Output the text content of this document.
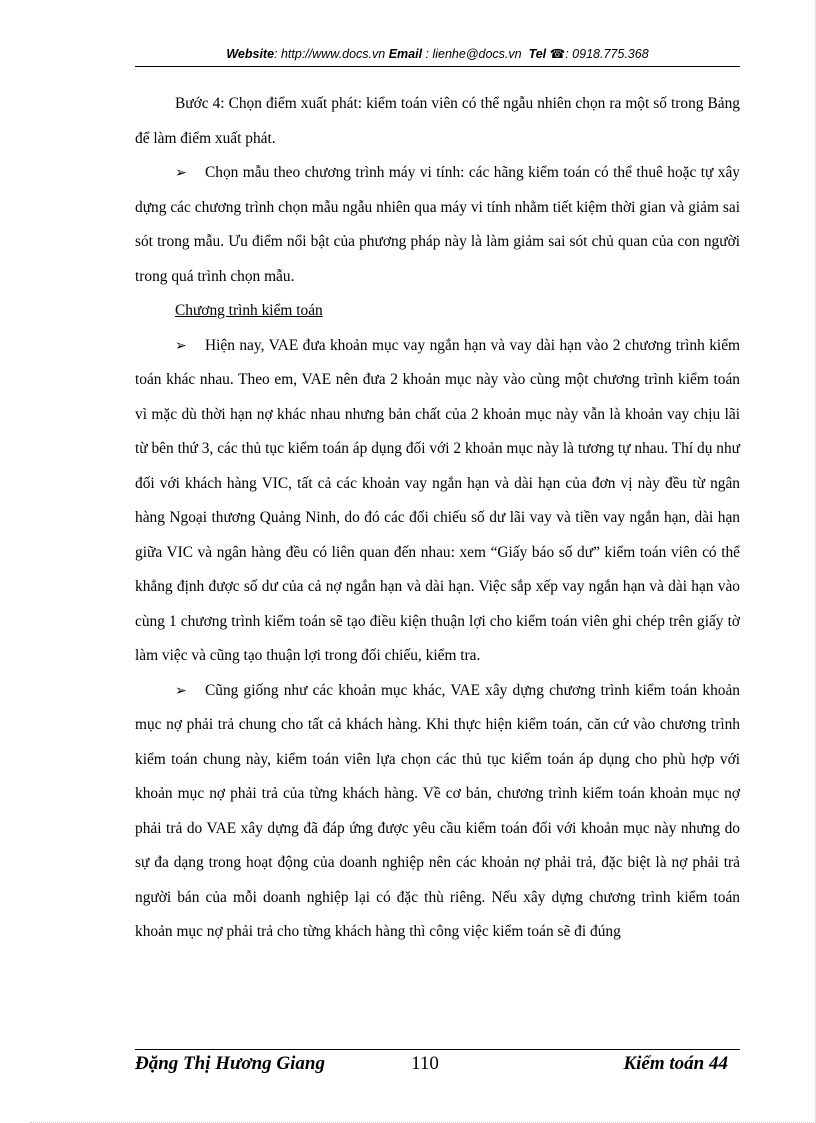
Website: http://www.docs.vn Email : lienhe@docs.vn Tel ☎: 0918.775.368

Bước 4: Chọn điểm xuất phát: kiểm toán viên có thể ngẫu nhiên chọn ra một số trong Bảng để làm điểm xuất phát.

➢ Chọn mẫu theo chương trình máy vi tính: các hãng kiểm toán có thể thuê hoặc tự xây dựng các chương trình chọn mẫu ngẫu nhiên qua máy vi tính nhằm tiết kiệm thời gian và giảm sai sót trong mẫu. Ưu điểm nổi bật của phương pháp này là làm giảm sai sót chủ quan của con người trong quá trình chọn mẫu.

Chương trình kiểm toán

➢ Hiện nay, VAE đưa khoản mục vay ngắn hạn và vay dài hạn vào 2 chương trình kiểm toán khác nhau. Theo em, VAE nên đưa 2 khoản mục này vào cùng một chương trình kiểm toán vì mặc dù thời hạn nợ khác nhau nhưng bản chất của 2 khoản mục này vẫn là khoản vay chịu lãi từ bên thứ 3, các thủ tục kiểm toán áp dụng đối với 2 khoản mục này là tương tự nhau. Thí dụ như đối với khách hàng VIC, tất cả các khoản vay ngắn hạn và dài hạn của đơn vị này đều từ ngân hàng Ngoại thương Quảng Ninh, do đó các đối chiếu số dư lãi vay và tiền vay ngắn hạn, dài hạn giữa VIC và ngân hàng đều có liên quan đến nhau: xem “Giấy báo số dư” kiểm toán viên có thể khẳng định được số dư của cả nợ ngắn hạn và dài hạn. Việc sắp xếp vay ngắn hạn và dài hạn vào cùng 1 chương trình kiểm toán sẽ tạo điều kiện thuận lợi cho kiểm toán viên ghi chép trên giấy tờ làm việc và cũng tạo thuận lợi trong đối chiếu, kiểm tra.

➢ Cũng giống như các khoản mục khác, VAE xây dựng chương trình kiểm toán khoản mục nợ phải trả chung cho tất cả khách hàng. Khi thực hiện kiểm toán, căn cứ vào chương trình kiểm toán chung này, kiểm toán viên lựa chọn các thủ tục kiểm toán áp dụng cho phù hợp với khoản mục nợ phải trả của từng khách hàng. Về cơ bản, chương trình kiểm toán khoản mục nợ phải trả do VAE xây dựng đã đáp ứng được yêu cầu kiểm toán đối với khoản mục này nhưng do sự đa dạng trong hoạt động của doanh nghiệp nên các khoản nợ phải trả, đặc biệt là nợ phải trả người bán của mỗi doanh nghiệp lại có đặc thù riêng. Nếu xây dựng chương trình kiểm toán khoản mục nợ phải trả cho từng khách hàng thì công việc kiểm toán sẽ đi đúng

Đặng Thị Hương Giang	110	Kiểm toán 44
